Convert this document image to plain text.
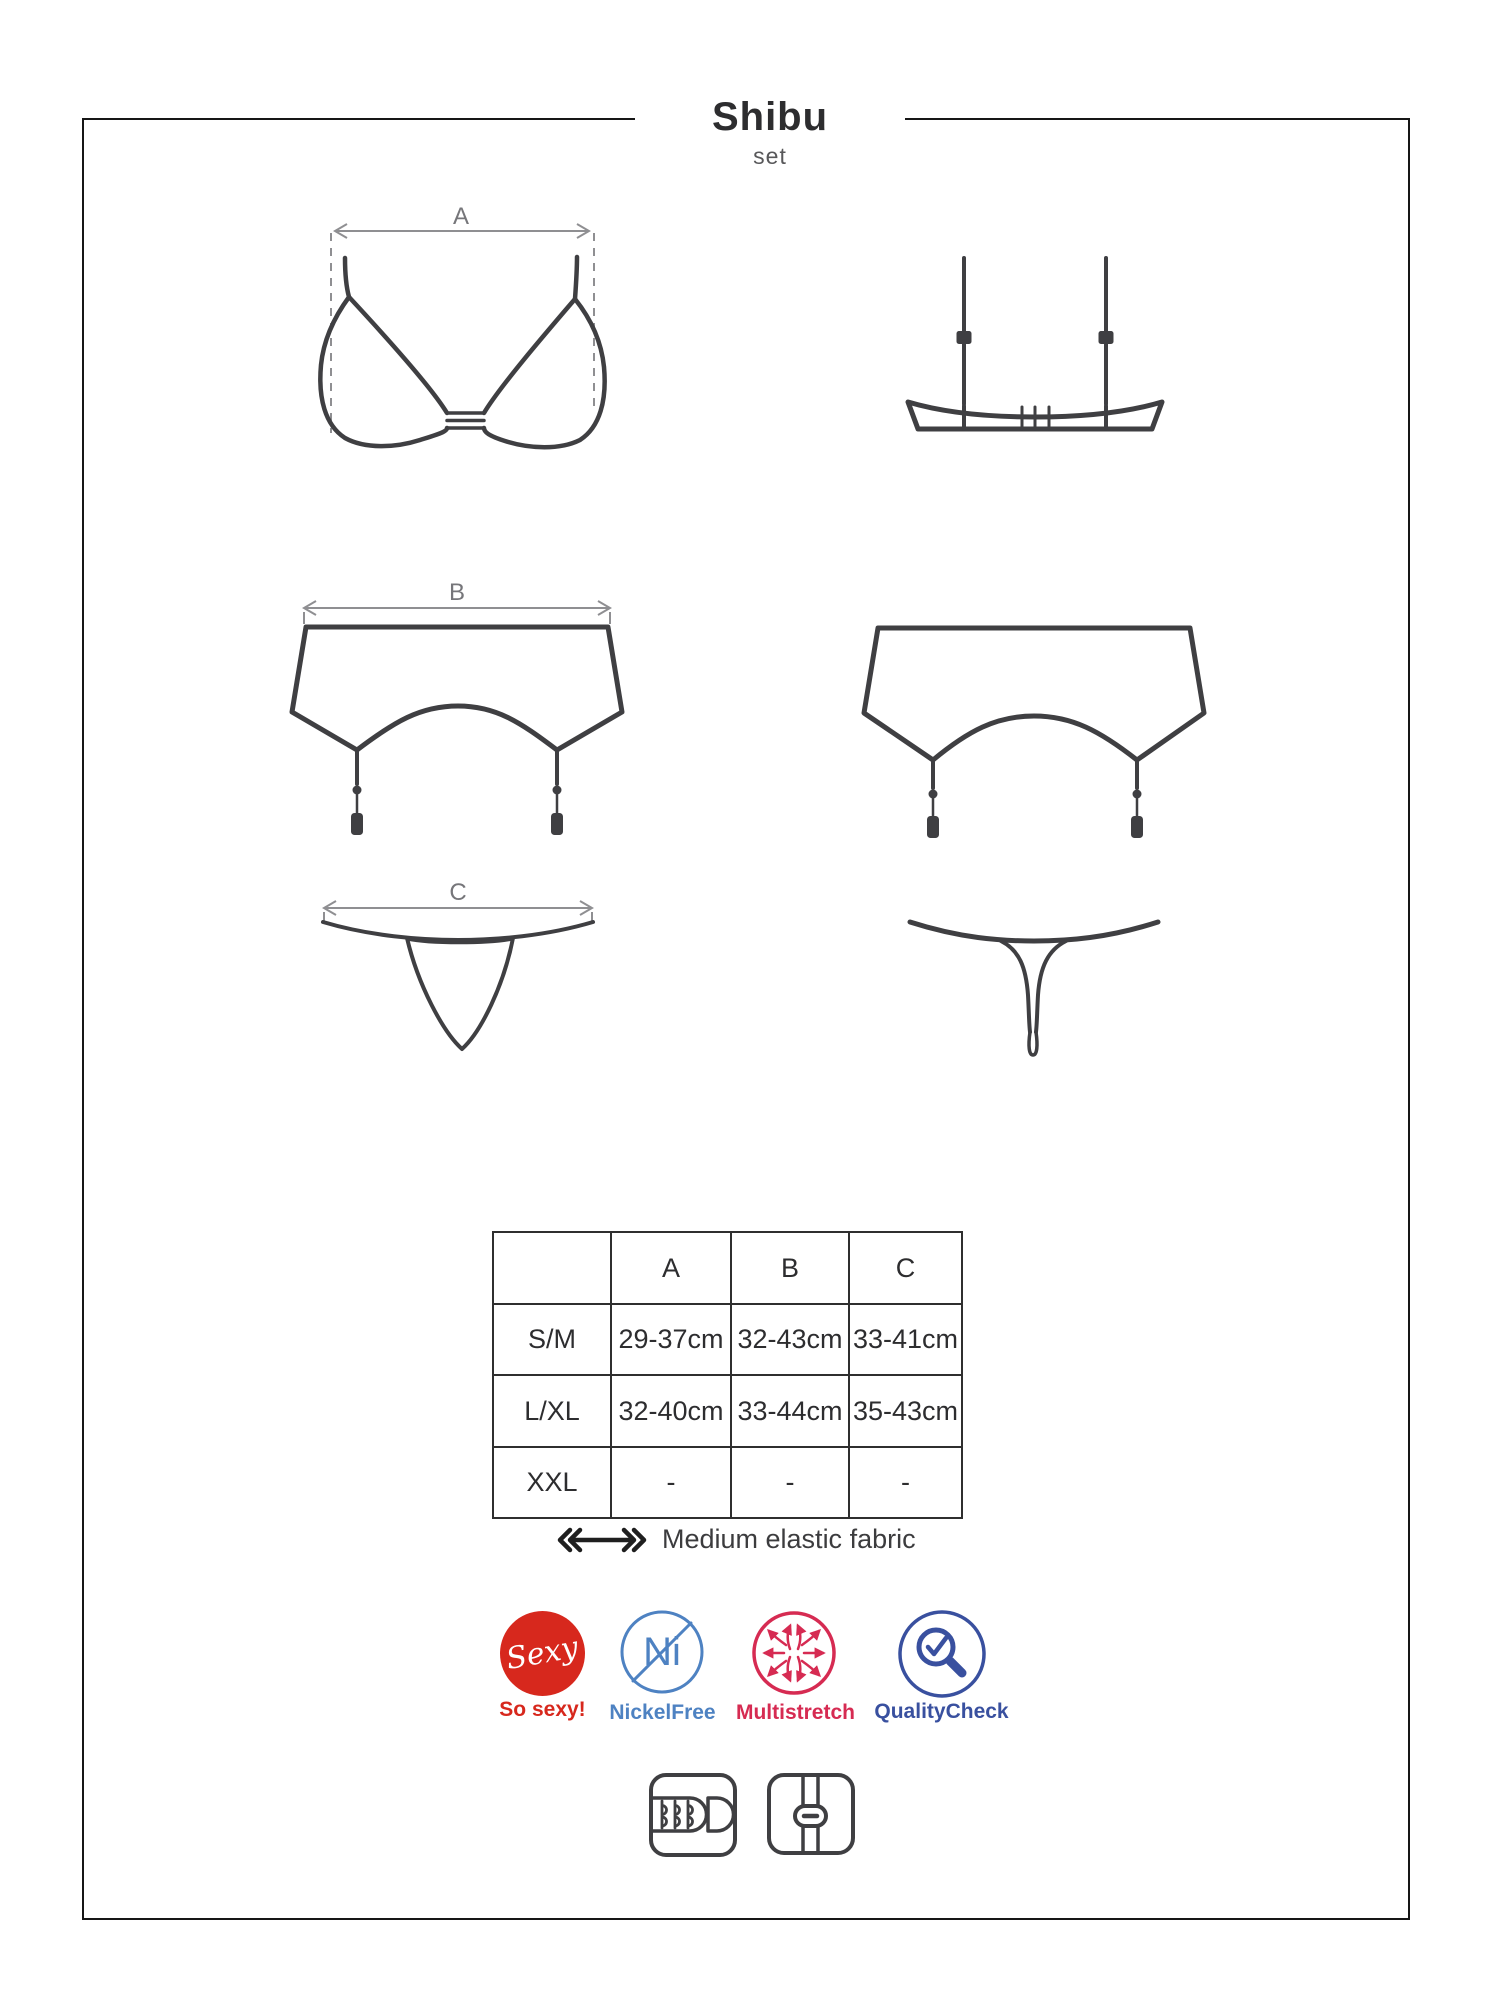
Shibu
set
A
B
C
	A	B	C
S/M	29-37cm	32-43cm	33-41cm
L/XL	32-40cm	33-44cm	35-43cm
XXL	-	-	-
Medium elastic fabric
Sexy
So sexy!
Ni
NickelFree Multistretch QualityCheck
